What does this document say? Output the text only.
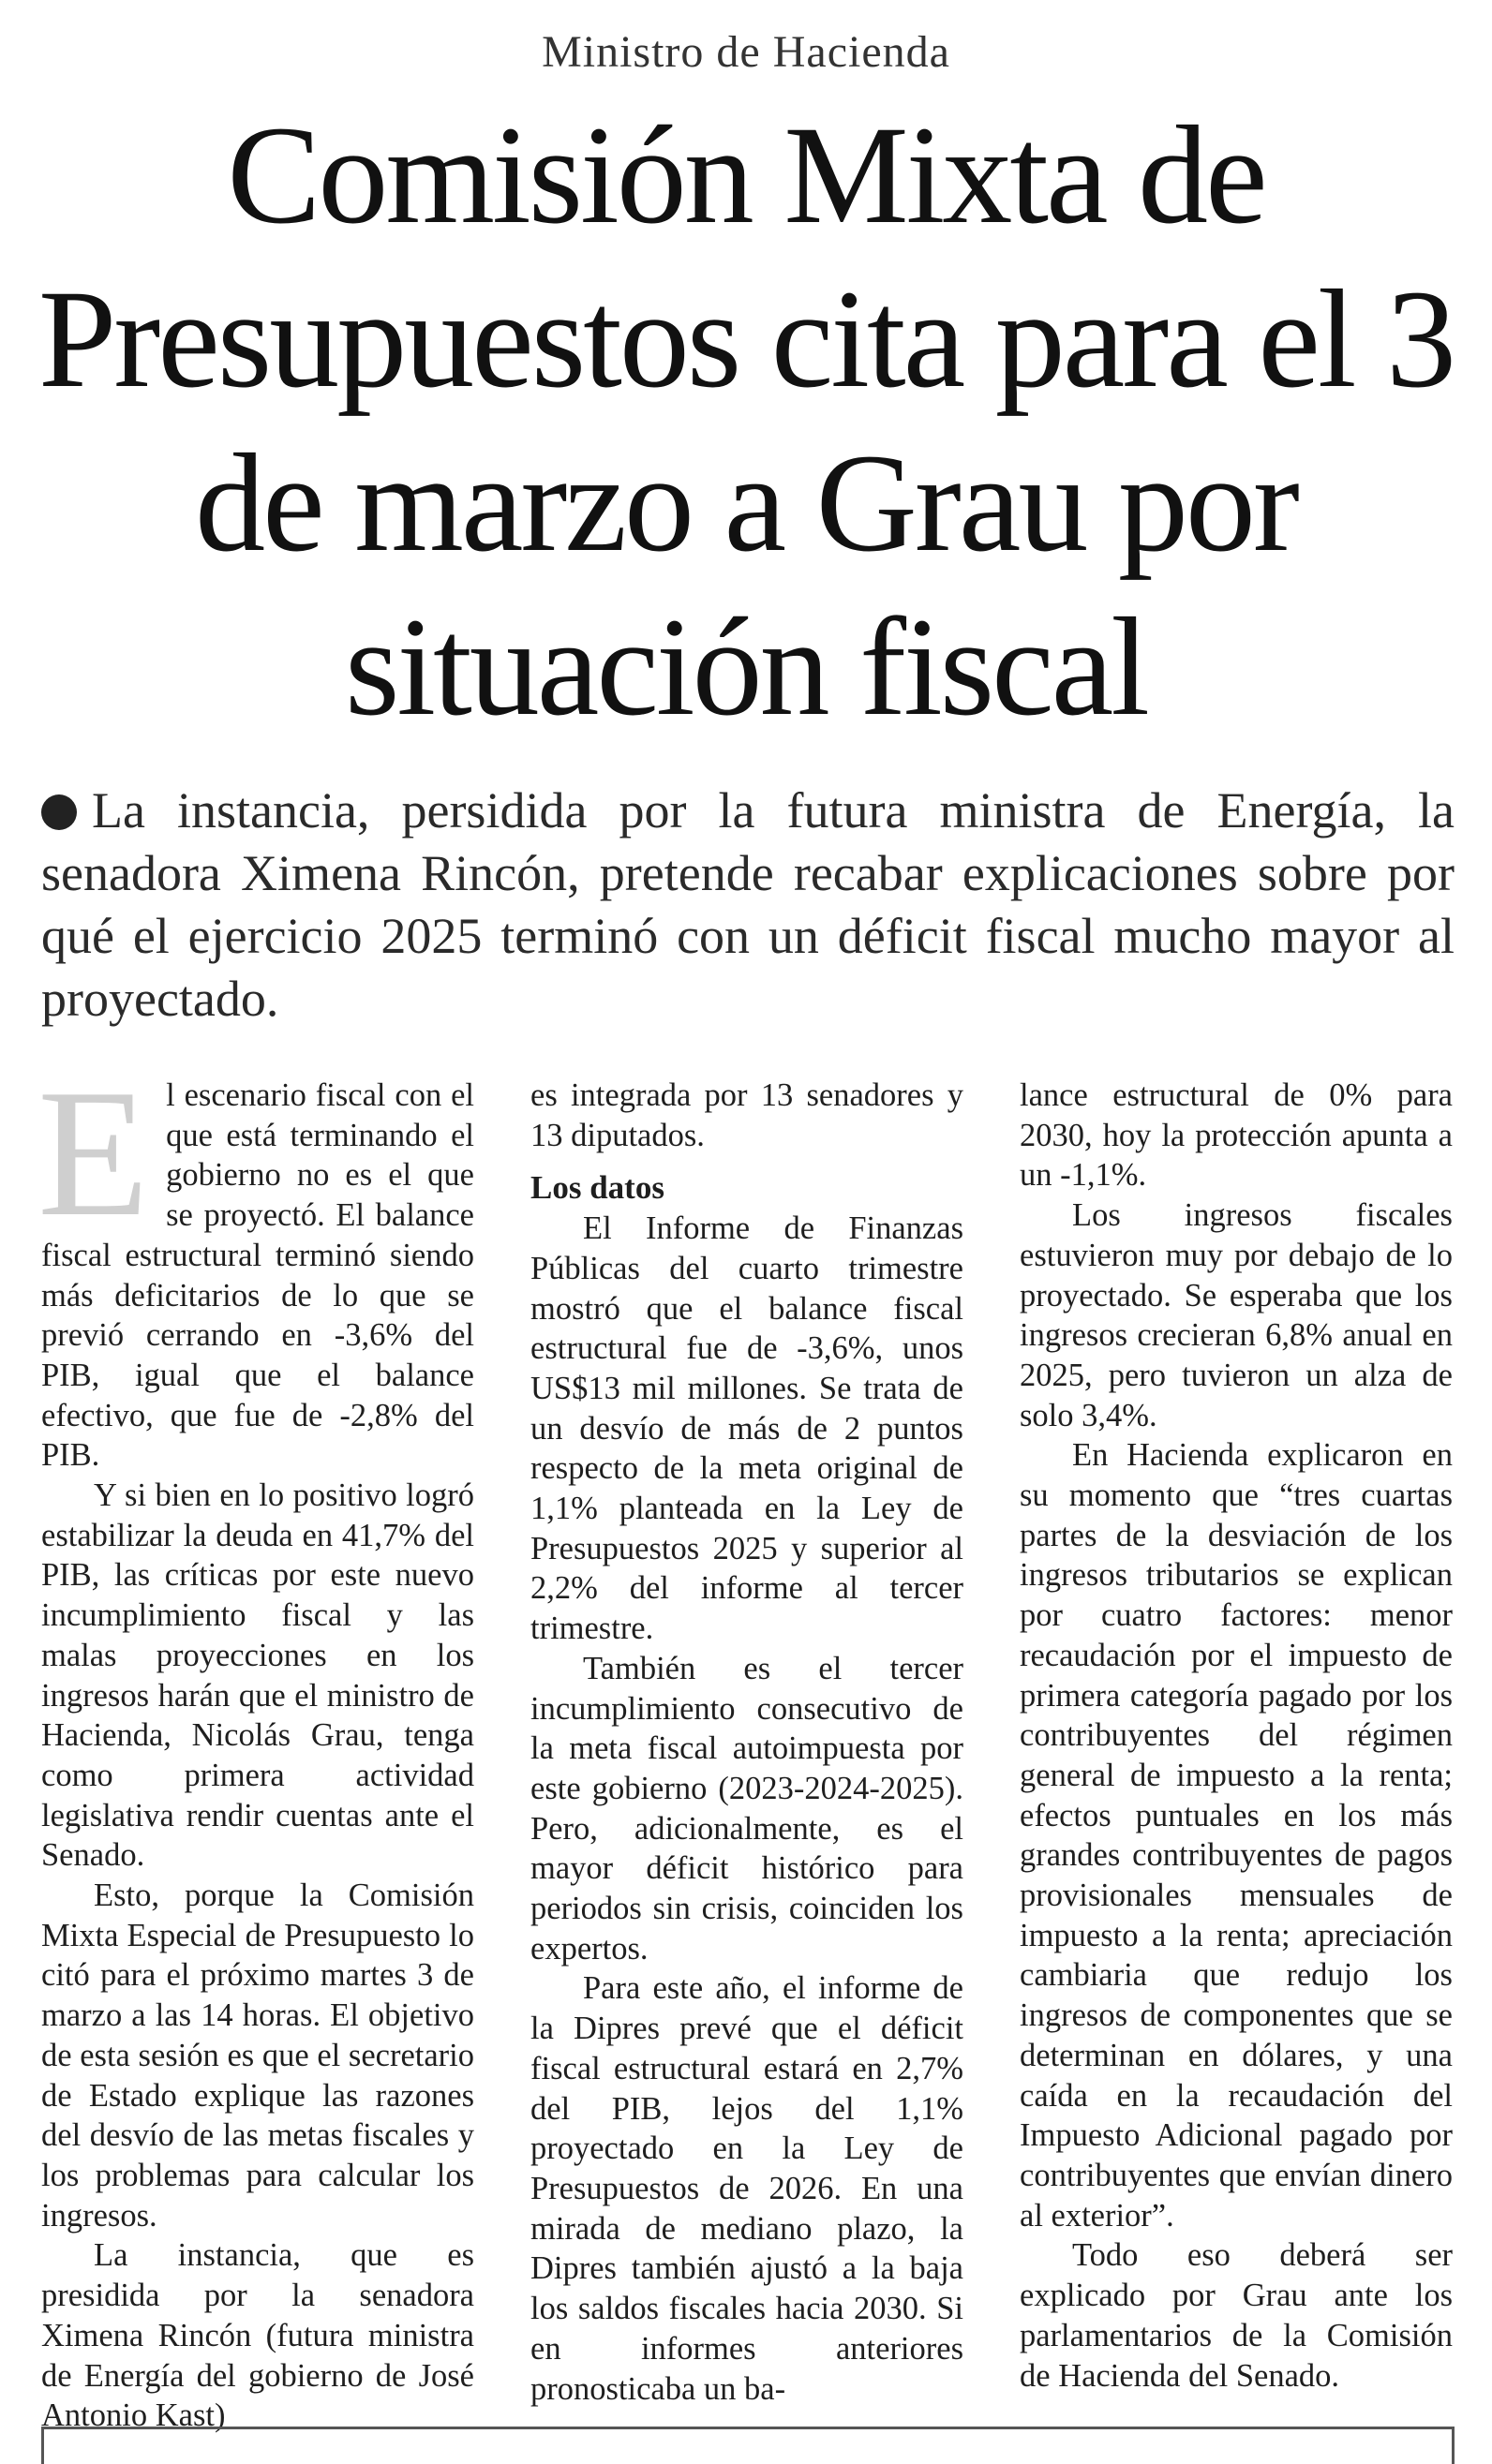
Ministro de Hacienda
Comisión Mixta de Presupuestos cita para el 3 de marzo a Grau por situación fiscal

La instancia, persidida por la futura ministra de Energía, la senadora Ximena Rincón, pretende recabar explicaciones sobre por qué el ejercicio 2025 terminó con un déficit fiscal mucho mayor al proyectado.

E l escenario fiscal con el que está terminando el gobierno no es el que se proyectó. El balance fiscal estructural terminó siendo más deficitarios de lo que se previó cerrando en -3,6% del PIB, igual que el balance efectivo, que fue de -2,8% del PIB.

Y si bien en lo positivo logró estabilizar la deuda en 41,7% del PIB, las críticas por este nuevo incumplimiento fiscal y las malas proyecciones en los ingresos harán que el ministro de Hacienda, Nicolás Grau, tenga como primera actividad legislativa rendir cuentas ante el Senado.

Esto, porque la Comisión Mixta Especial de Presupuesto lo citó para el próximo martes 3 de marzo a las 14 horas. El objetivo de esta sesión es que el secretario de Estado explique las razones del desvío de las metas fiscales y los problemas para calcular los ingresos.

La instancia, que es presidida por la senadora Ximena Rincón (futura ministra de Energía del gobierno de José Antonio Kast)

es integrada por 13 senadores y 13 diputados.

Los datos

El Informe de Finanzas Públicas del cuarto trimestre mostró que el balance fiscal estructural fue de -3,6%, unos US$13 mil millones. Se trata de un desvío de más de 2 puntos respecto de la meta original de 1,1% planteada en la Ley de Presupuestos 2025 y superior al 2,2% del informe al tercer trimestre.

También es el tercer incumplimiento consecutivo de la meta fiscal autoimpuesta por este gobierno (2023-2024-2025). Pero, adicionalmente, es el mayor déficit histórico para periodos sin crisis, coinciden los expertos.

Para este año, el informe de la Dipres prevé que el déficit fiscal estructural estará en 2,7% del PIB, lejos del 1,1% proyectado en la Ley de Presupuestos de 2026. En una mirada de mediano plazo, la Dipres también ajustó a la baja los saldos fiscales hacia 2030. Si en informes anteriores pronosticaba un ba-

lance estructural de 0% para 2030, hoy la protección apunta a un -1,1%.

Los ingresos fiscales estuvieron muy por debajo de lo proyectado. Se esperaba que los ingresos crecieran 6,8% anual en 2025, pero tuvieron un alza de solo 3,4%.

En Hacienda explicaron en su momento que “tres cuartas partes de la desviación de los ingresos tributarios se explican por cuatro factores: menor recaudación por el impuesto de primera categoría pagado por los contribuyentes del régimen general de impuesto a la renta; efectos puntuales en los más grandes contribuyentes de pagos provisionales mensuales de impuesto a la renta; apreciación cambiaria que redujo los ingresos de componentes que se determinan en dólares, y una caída en la recaudación del Impuesto Adicional pagado por contribuyentes que envían dinero al exterior”.

Todo eso deberá ser explicado por Grau ante los parlamentarios de la Comisión de Hacienda del Senado.
